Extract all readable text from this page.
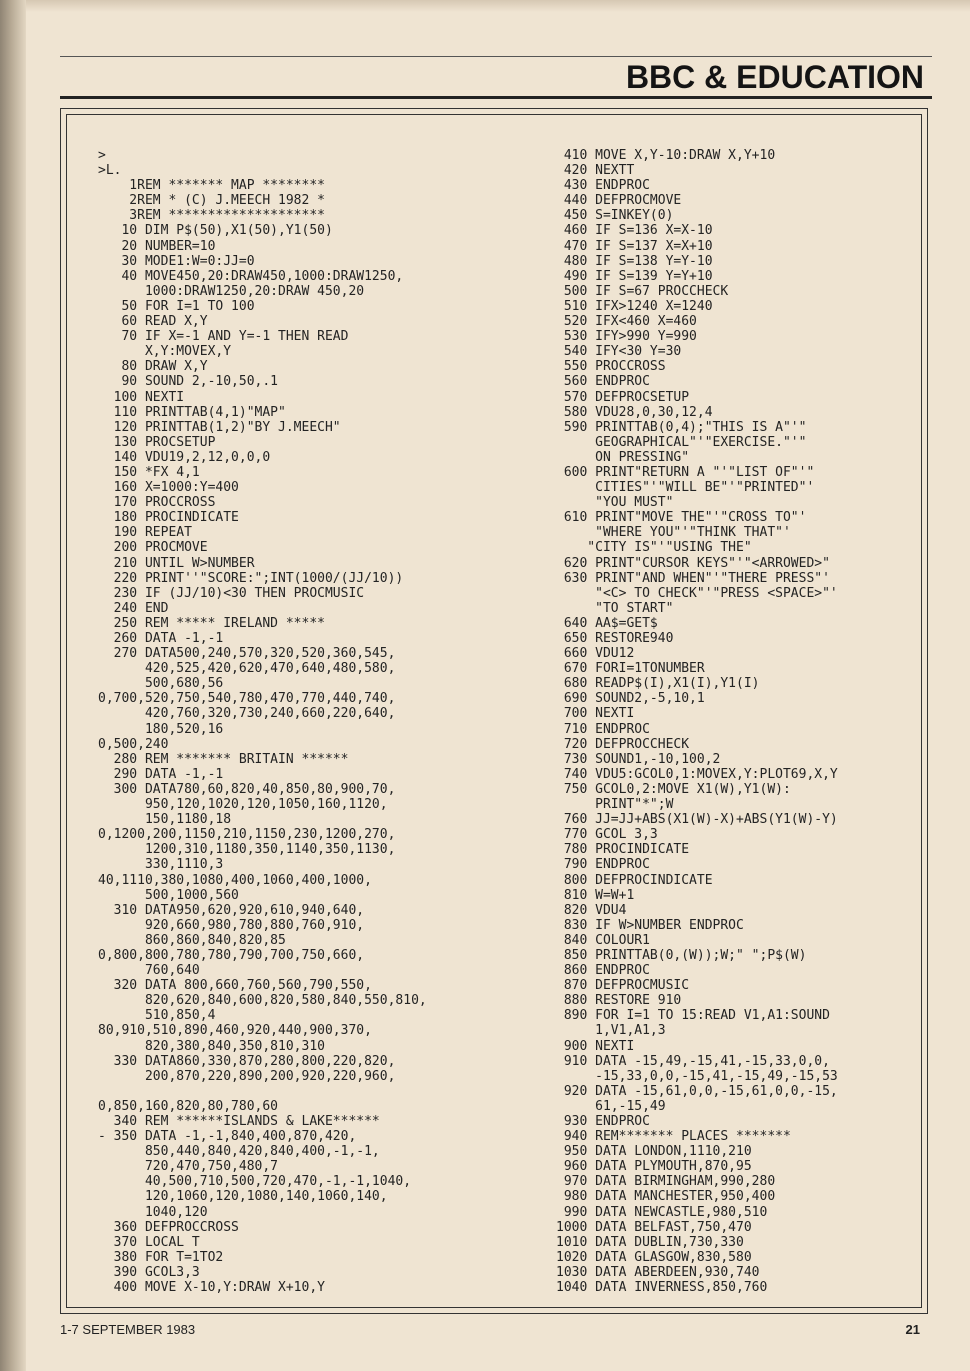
BBC & EDUCATION
>
>L.
1REM ******* MAP ********
2REM * (C) J.MEECH 1982 *
3REM ********************
10 DIM P$(50),X1(50),Y1(50)
20 NUMBER=10
30 MODE1:W=0:JJ=0
40 MOVE450,20:DRAW450,1000:DRAW1250,
1000:DRAW1250,20:DRAW 450,20
50 FOR I=1 TO 100
60 READ X,Y
70 IF X=-1 AND Y=-1 THEN READ
X,Y:MOVEX,Y
80 DRAW X,Y
90 SOUND 2,-10,50,.1
100 NEXTI
110 PRINTTAB(4,1)"MAP"
120 PRINTTAB(1,2)"BY J.MEECH"
130 PROCSETUP
140 VDU19,2,12,0,0,0
150 *FX 4,1
160 X=1000:Y=400
170 PROCCROSS
180 PROCINDICATE
190 REPEAT
200 PROCMOVE
210 UNTIL W>NUMBER
220 PRINT''"SCORE:";INT(1000/(JJ/10))
230 IF (JJ/10)<30 THEN PROCMUSIC
240 END
250 REM ***** IRELAND *****
260 DATA -1,-1
270 DATA500,240,570,320,520,360,545,
420,525,420,620,470,640,480,580,
500,680,56
0,700,520,750,540,780,470,770,440,740,
420,760,320,730,240,660,220,640,
180,520,16
0,500,240
280 REM ******* BRITAIN ******
290 DATA -1,-1
300 DATA780,60,820,40,850,80,900,70,
950,120,1020,120,1050,160,1120,
150,1180,18
0,1200,200,1150,210,1150,230,1200,270,
1200,310,1180,350,1140,350,1130,
330,1110,3
40,1110,380,1080,400,1060,400,1000,
500,1000,560
310 DATA950,620,920,610,940,640,
920,660,980,780,880,760,910,
860,860,840,820,85
0,800,800,780,780,790,700,750,660,
760,640
320 DATA 800,660,760,560,790,550,
820,620,840,600,820,580,840,550,810,
510,850,4
80,910,510,890,460,920,440,900,370,
820,380,840,350,810,310
330 DATA860,330,870,280,800,220,820,
200,870,220,890,200,920,220,960,

0,850,160,820,80,780,60
340 REM ******ISLANDS & LAKE******
- 350 DATA -1,-1,840,400,870,420,
850,440,840,420,840,400,-1,-1,
720,470,750,480,7
40,500,710,500,720,470,-1,-1,1040,
120,1060,120,1080,140,1060,140,
1040,120
360 DEFPROCCROSS
370 LOCAL T
380 FOR T=1TO2
390 GCOL3,3
400 MOVE X-10,Y:DRAW X+10,Y
410 MOVE X,Y-10:DRAW X,Y+10
420 NEXTT
430 ENDPROC
440 DEFPROCMOVE
450 S=INKEY(0)
460 IF S=136 X=X-10
470 IF S=137 X=X+10
480 IF S=138 Y=Y-10
490 IF S=139 Y=Y+10
500 IF S=67 PROCCHECK
510 IFX>1240 X=1240
520 IFX<460 X=460
530 IFY>990 Y=990
540 IFY<30 Y=30
550 PROCCROSS
560 ENDPROC
570 DEFPROCSETUP
580 VDU28,0,30,12,4
590 PRINTTAB(0,4);"THIS IS A"'"
GEOGRAPHICAL"'"EXERCISE."'"
ON PRESSING"
600 PRINT"RETURN A "'"LIST OF"'"
CITIES"'"WILL BE"'"PRINTED"'
"YOU MUST"
610 PRINT"MOVE THE"'"CROSS TO"'
"WHERE YOU"'"THINK THAT"'
"CITY IS"'"USING THE"
620 PRINT"CURSOR KEYS"'"<ARROWED>"
630 PRINT"AND WHEN"'"THERE PRESS"'
"<C> TO CHECK"'"PRESS <SPACE>"'
"TO START"
640 AA$=GET$
650 RESTORE940
660 VDU12
670 FORI=1TONUMBER
680 READP$(I),X1(I),Y1(I)
690 SOUND2,-5,10,1
700 NEXTI
710 ENDPROC
720 DEFPROCCHECK
730 SOUND1,-10,100,2
740 VDU5:GCOL0,1:MOVEX,Y:PLOT69,X,Y
750 GCOL0,2:MOVE X1(W),Y1(W):
PRINT"*";W
760 JJ=JJ+ABS(X1(W)-X)+ABS(Y1(W)-Y)
770 GCOL 3,3
780 PROCINDICATE
790 ENDPROC
800 DEFPROCINDICATE
810 W=W+1
820 VDU4
830 IF W>NUMBER ENDPROC
840 COLOUR1
850 PRINTTAB(0,(W));W;" ";P$(W)
860 ENDPROC
870 DEFPROCMUSIC
880 RESTORE 910
890 FOR I=1 TO 15:READ V1,A1:SOUND
1,V1,A1,3
900 NEXTI
910 DATA -15,49,-15,41,-15,33,0,0,
-15,33,0,0,-15,41,-15,49,-15,53
920 DATA -15,61,0,0,-15,61,0,0,-15,
61,-15,49
930 ENDPROC
940 REM******* PLACES *******
950 DATA LONDON,1110,210
960 DATA PLYMOUTH,870,95
970 DATA BIRMINGHAM,990,280
980 DATA MANCHESTER,950,400
990 DATA NEWCASTLE,980,510
1000 DATA BELFAST,750,470
1010 DATA DUBLIN,730,330
1020 DATA GLASGOW,830,580
1030 DATA ABERDEEN,930,740
1040 DATA INVERNESS,850,760
1-7 SEPTEMBER 1983	21
